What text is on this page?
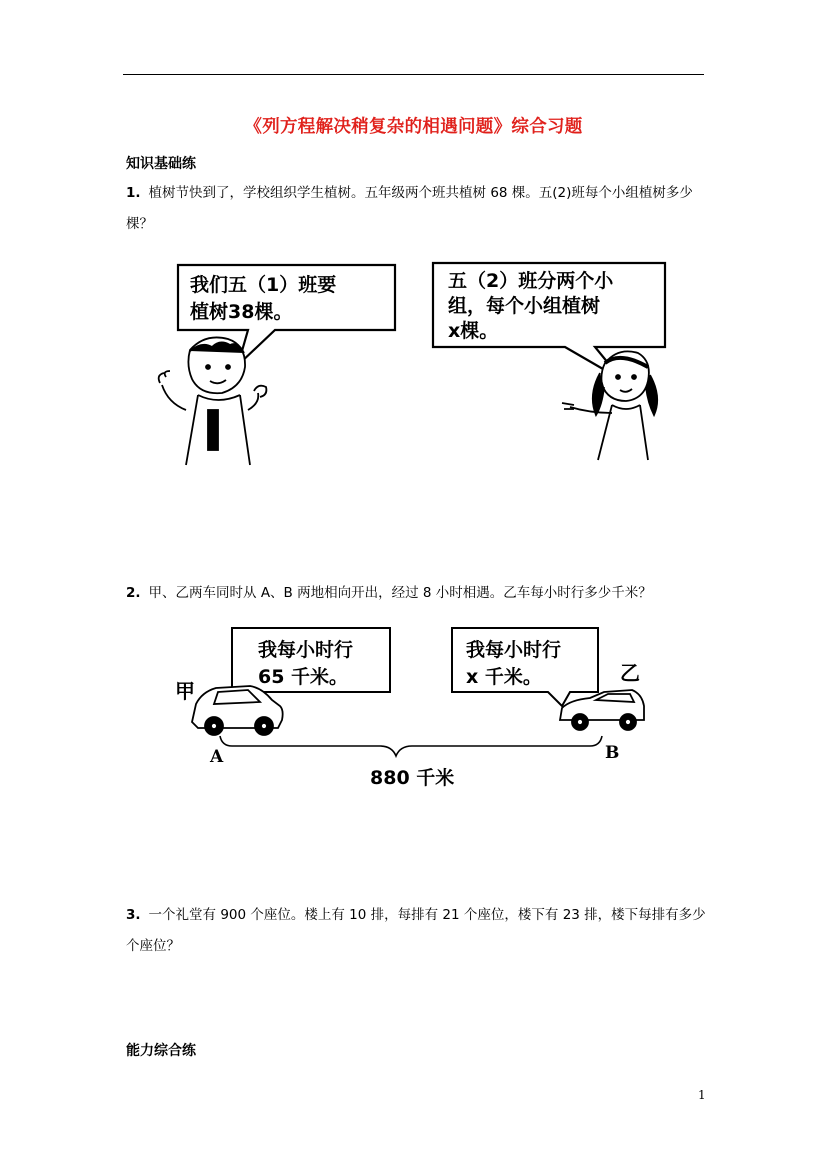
《列方程解决稍复杂的相遇问题》综合习题
知识基础练
1. 植树节快到了，学校组织学生植树。五年级两个班共植树 68 棵。五(2)班每个小组植树多少棵？
我们五（1）班要
植树38棵。
五（2）班分两个小
组，每个小组植树
x棵。
2. 甲、乙两车同时从 A、B 两地相向开出，经过 8 小时相遇。乙车每小时行多少千米？
我每小时行
65 千米。
我每小时行
x 千米。
甲
乙
A	B
880 千米
3. 一个礼堂有 900 个座位。楼上有 10 排，每排有 21 个座位，楼下有 23 排，楼下每排有多少个座位？
能力综合练
1
